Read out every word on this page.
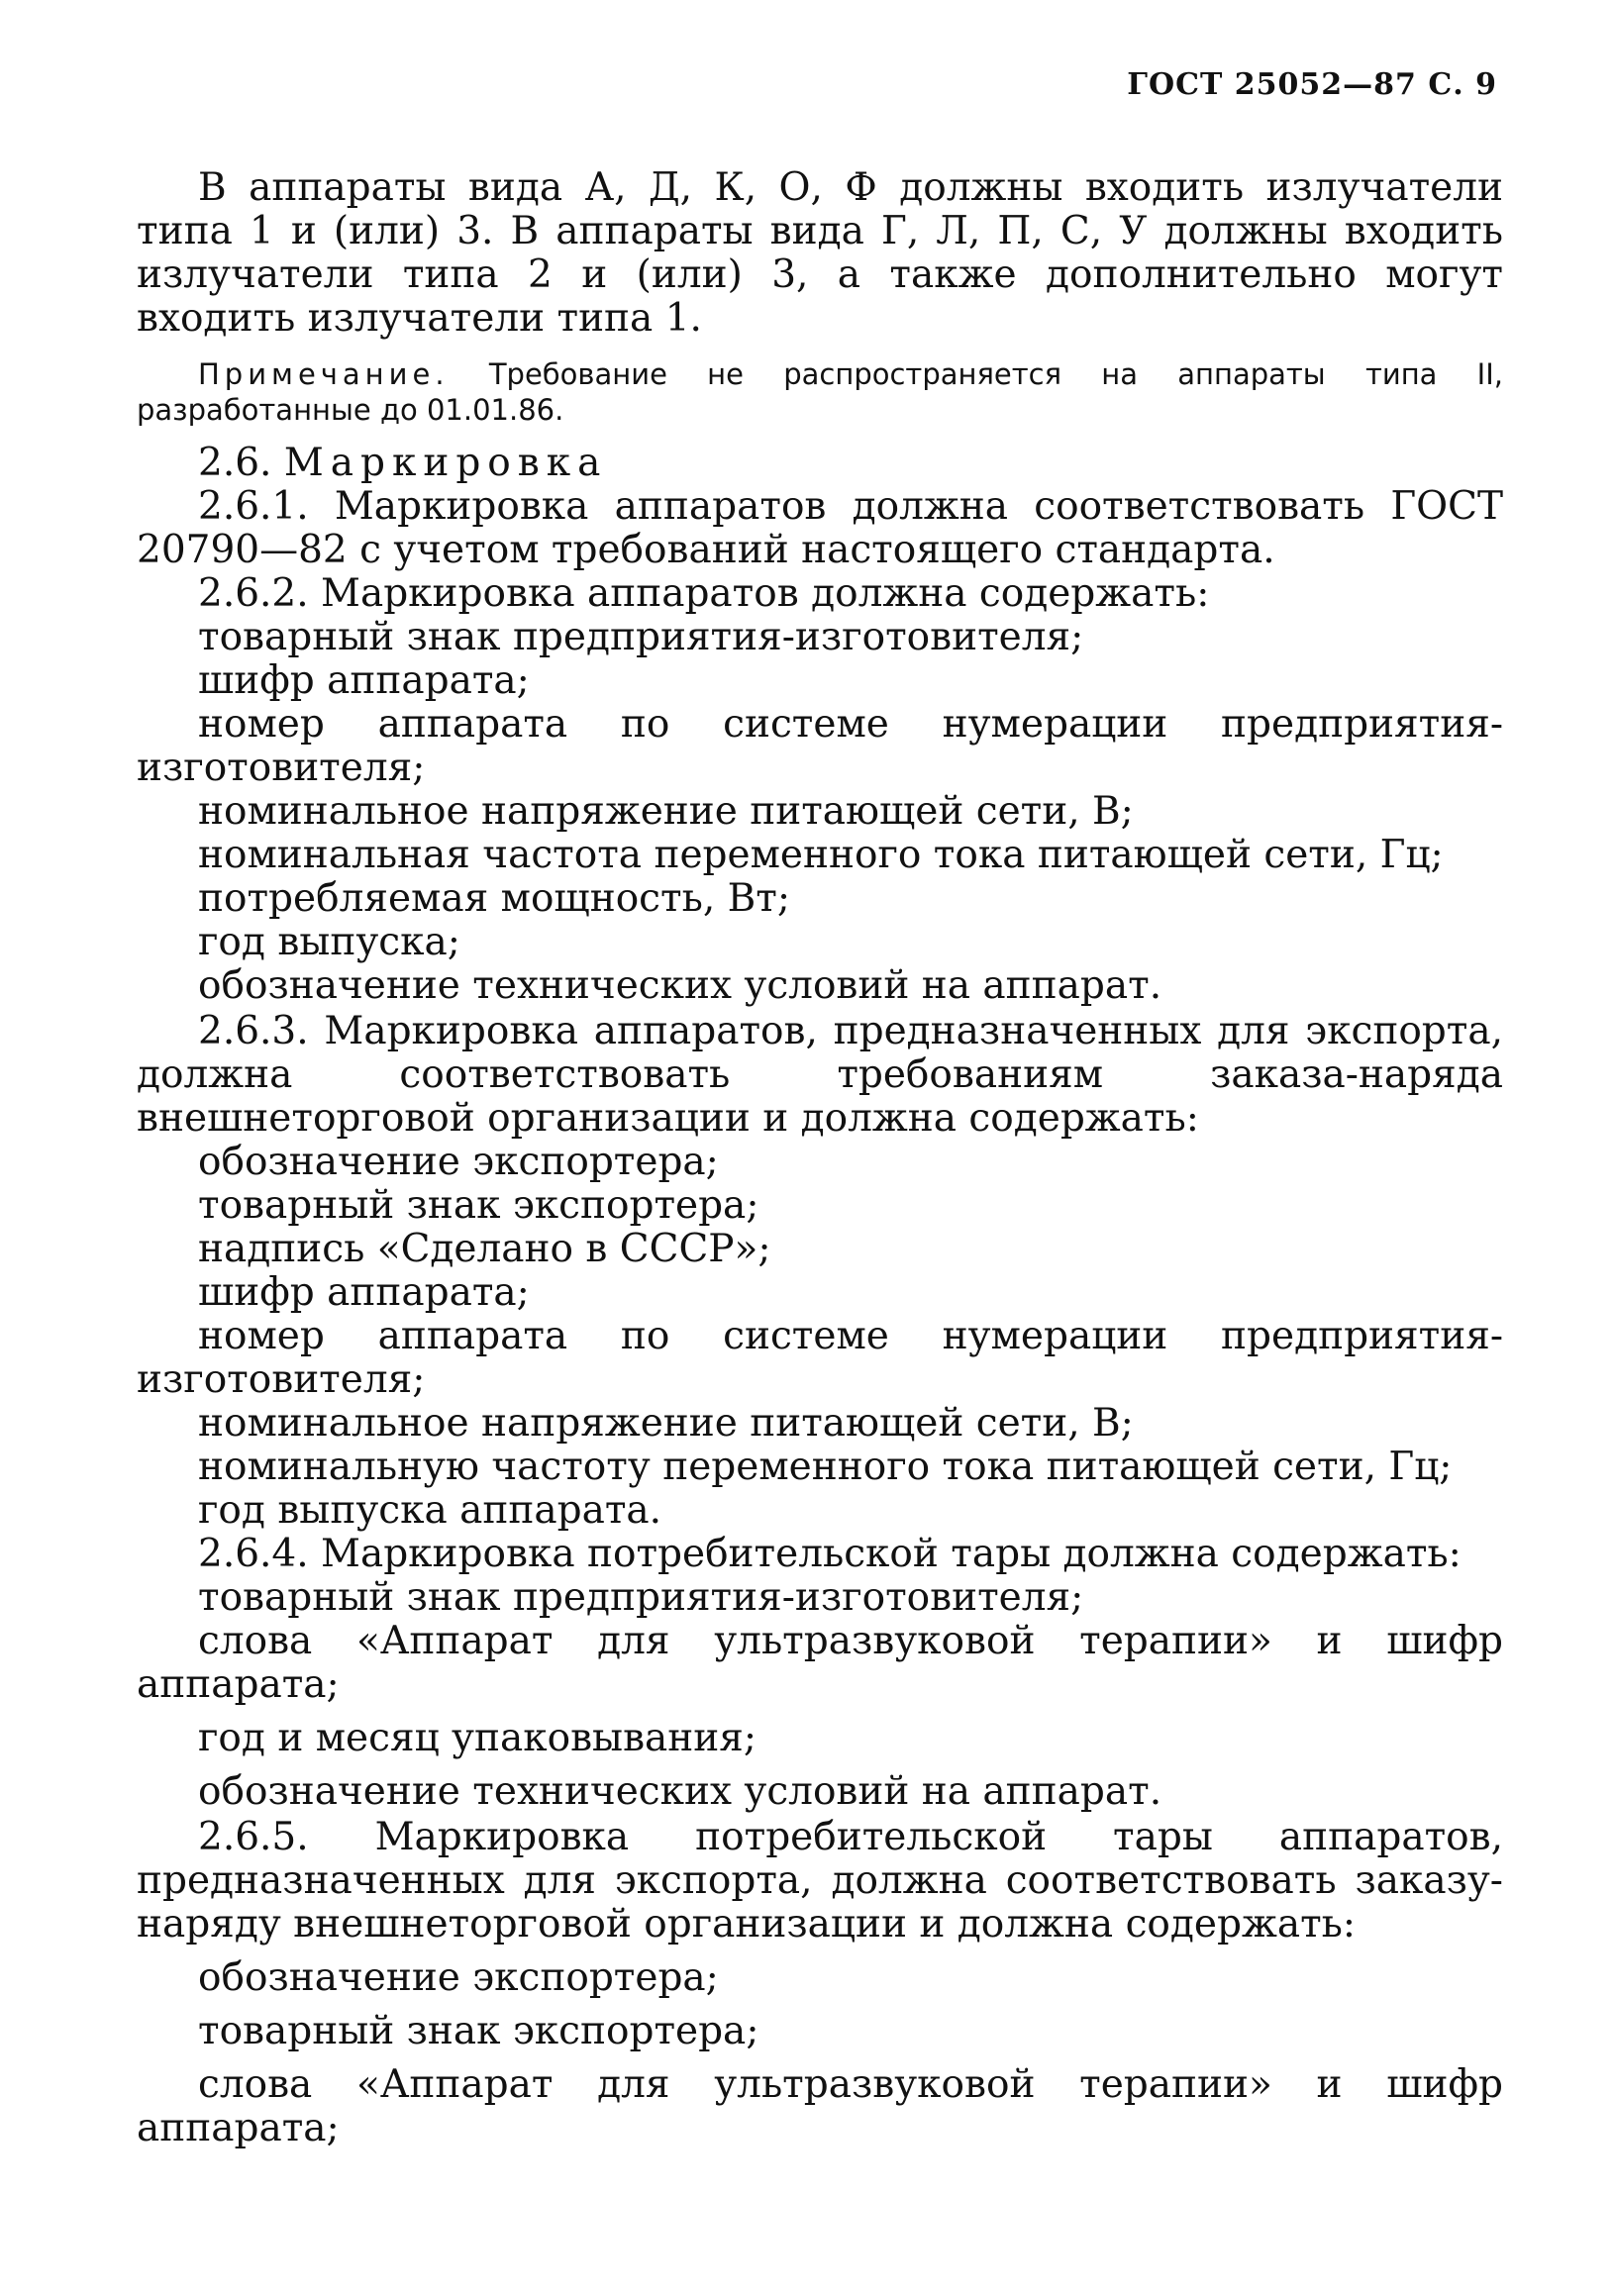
ГОСТ 25052—87 С. 9

В аппараты вида А, Д, К, О, Ф должны входить излучатели типа 1 и (или) 3. В аппараты вида Г, Л, П, С, У должны входить излучатели типа 2 и (или) 3, а также дополнительно могут входить излучатели типа 1.

Примечание. Требование не распространяется на аппараты типа II, разработанные до 01.01.86.

2.6. Маркировка

2.6.1. Маркировка аппаратов должна соответствовать ГОСТ 20790—82 с учетом требований настоящего стандарта.

2.6.2. Маркировка аппаратов должна содержать:

товарный знак предприятия-изготовителя;

шифр аппарата;

номер аппарата по системе нумерации предприятия-изготовителя;

номинальное напряжение питающей сети, В;

номинальная частота переменного тока питающей сети, Гц;

потребляемая мощность, Вт;

год выпуска;

обозначение технических условий на аппарат.

2.6.3. Маркировка аппаратов, предназначенных для экспорта, должна соответствовать требованиям заказа-наряда внешнеторговой организации и должна содержать:

обозначение экспортера;

товарный знак экспортера;

надпись «Сделано в СССР»;

шифр аппарата;

номер аппарата по системе нумерации предприятия-изготовителя;

номинальное напряжение питающей сети, В;

номинальную частоту переменного тока питающей сети, Гц;

год выпуска аппарата.

2.6.4. Маркировка потребительской тары должна содержать:

товарный знак предприятия-изготовителя;

слова «Аппарат для ультразвуковой терапии» и шифр аппарата;

год и месяц упаковывания;

обозначение технических условий на аппарат.

2.6.5. Маркировка потребительской тары аппаратов, предназначенных для экспорта, должна соответствовать заказу-наряду внешнеторговой организации и должна содержать:

обозначение экспортера;

товарный знак экспортера;

слова «Аппарат для ультразвуковой терапии» и шифр аппарата;
